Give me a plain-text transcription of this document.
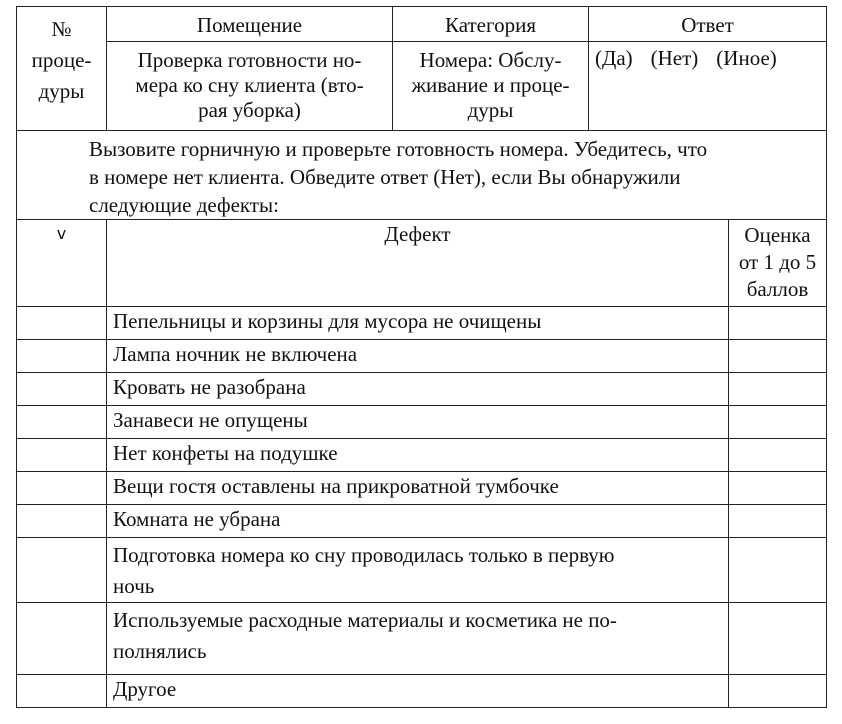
№
проце-
дуры	Помещение	Категория	Ответ	

	Проверка готовности но-
мера ко сну клиента (вто-
рая уборка)	Номера: Обслу-
живание и проце-
дуры	(Да) (Нет) (Иное)	

Вызовите горничную и проверьте готовность номера. Убедитесь, что
в номере нет клиента. Обведите ответ (Нет), если Вы обнаружили
следующие дефекты:				

v	Дефект			Оценка
от 1 до 5
баллов

	Пепельницы и корзины для мусора не очищены			
	Лампа ночник не включена			
	Кровать не разобрана			
	Занавеси не опущены			
	Нет конфеты на подушке			
	Вещи гостя оставлены на прикроватной тумбочке			
	Комната не убрана			

	Подготовка номера ко сну проводилась только в первую
ночь			

	Используемые расходные материалы и косметика не по-
полнялись			

	Другое			
